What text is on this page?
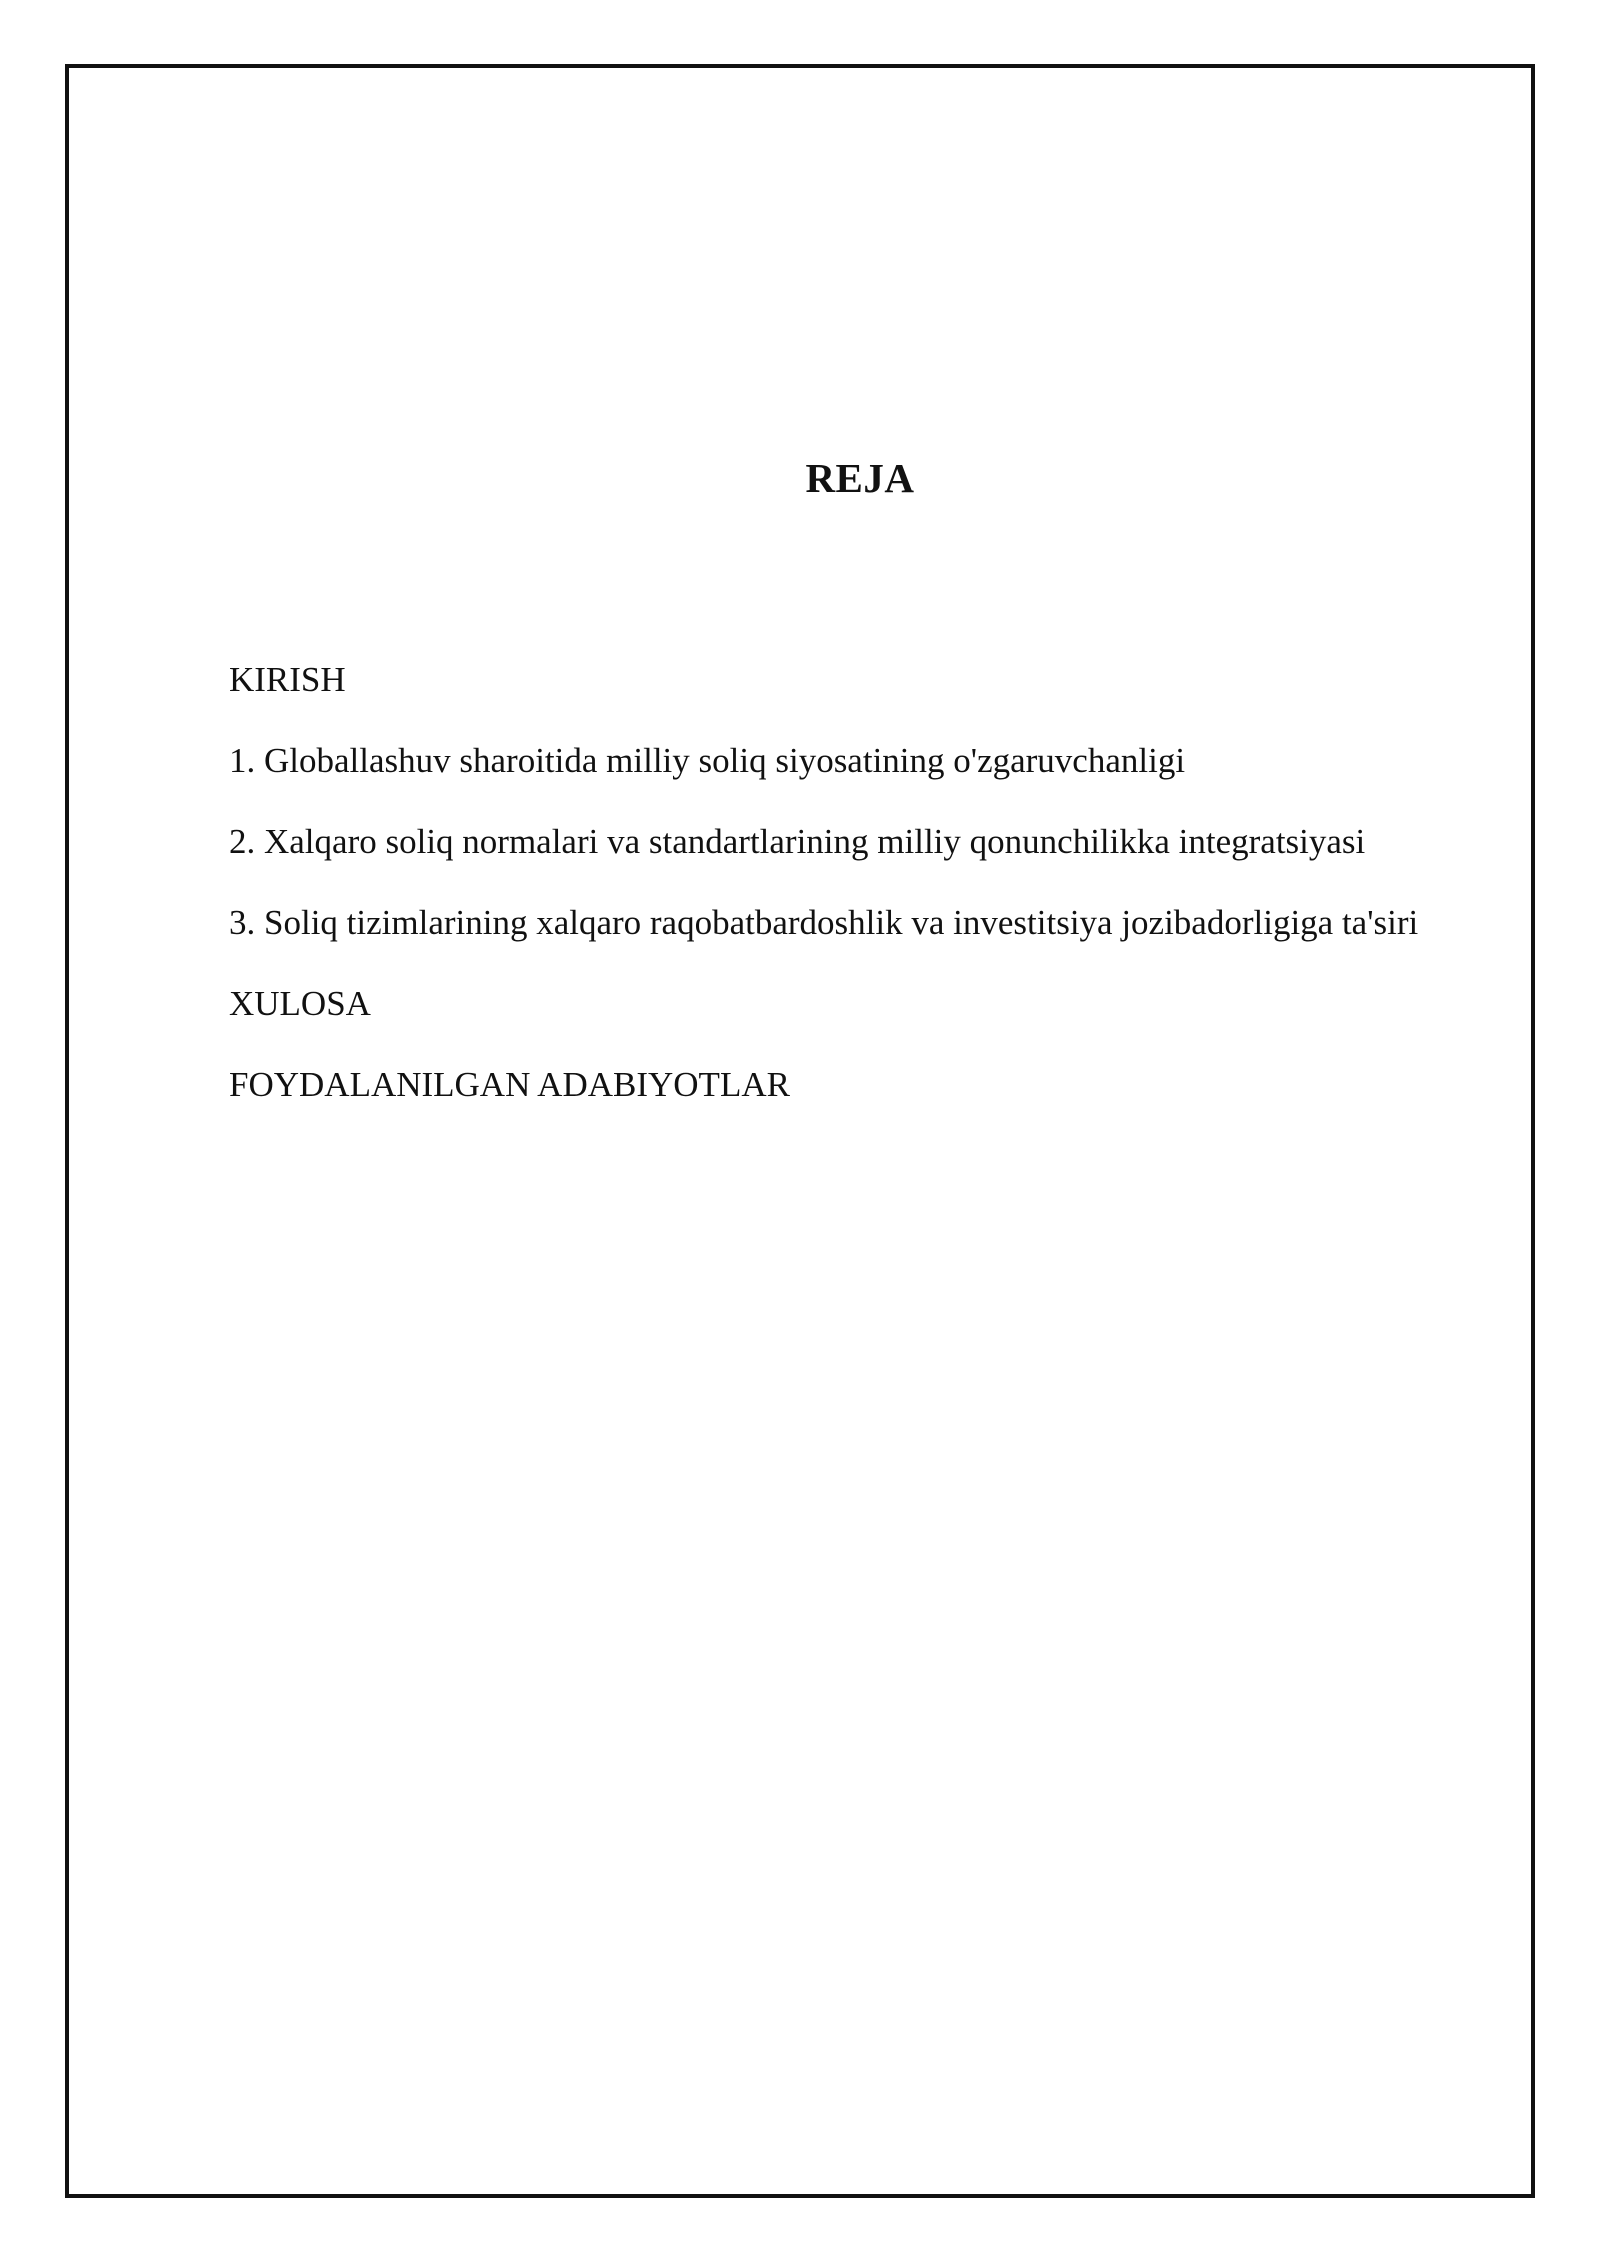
REJA
KIRISH
1. Globallashuv sharoitida milliy soliq siyosatining o'zgaruvchanligi
2. Xalqaro soliq normalari va standartlarining milliy qonunchilikka integratsiyasi
3. Soliq tizimlarining xalqaro raqobatbardoshlik va investitsiya jozibadorligiga ta'siri
XULOSA
FOYDALANILGAN ADABIYOTLAR
